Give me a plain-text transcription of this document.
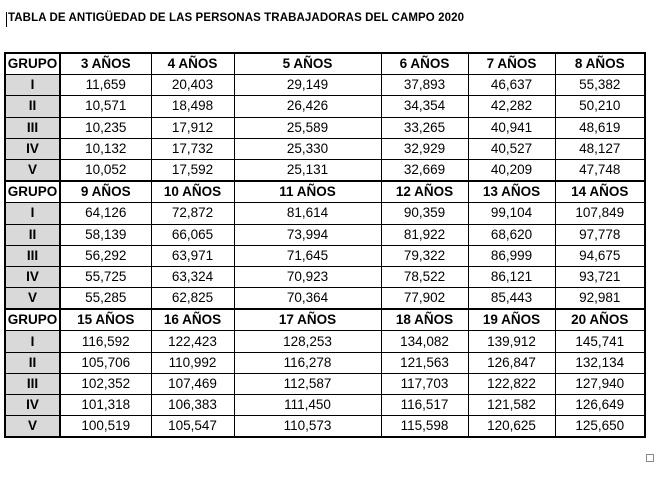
TABLA DE ANTIGÜEDAD DE LAS PERSONAS TRABAJADORAS DEL CAMPO 2020
GRUPO	3 AÑOS	4 AÑOS	5 AÑOS	6 AÑOS	7 AÑOS	8 AÑOS
I	11,659	20,403	29,149	37,893	46,637	55,382
II	10,571	18,498	26,426	34,354	42,282	50,210
III	10,235	17,912	25,589	33,265	40,941	48,619
IV	10,132	17,732	25,330	32,929	40,527	48,127
V	10,052	17,592	25,131	32,669	40,209	47,748
GRUPO	9 AÑOS	10 AÑOS	11 AÑOS	12 AÑOS	13 AÑOS	14 AÑOS
I	64,126	72,872	81,614	90,359	99,104	107,849
II	58,139	66,065	73,994	81,922	68,620	97,778
III	56,292	63,971	71,645	79,322	86,999	94,675
IV	55,725	63,324	70,923	78,522	86,121	93,721
V	55,285	62,825	70,364	77,902	85,443	92,981
GRUPO	15 AÑOS	16 AÑOS	17 AÑOS	18 AÑOS	19 AÑOS	20 AÑOS
I	116,592	122,423	128,253	134,082	139,912	145,741
II	105,706	110,992	116,278	121,563	126,847	132,134
III	102,352	107,469	112,587	117,703	122,822	127,940
IV	101,318	106,383	111,450	116,517	121,582	126,649
V	100,519	105,547	110,573	115,598	120,625	125,650
